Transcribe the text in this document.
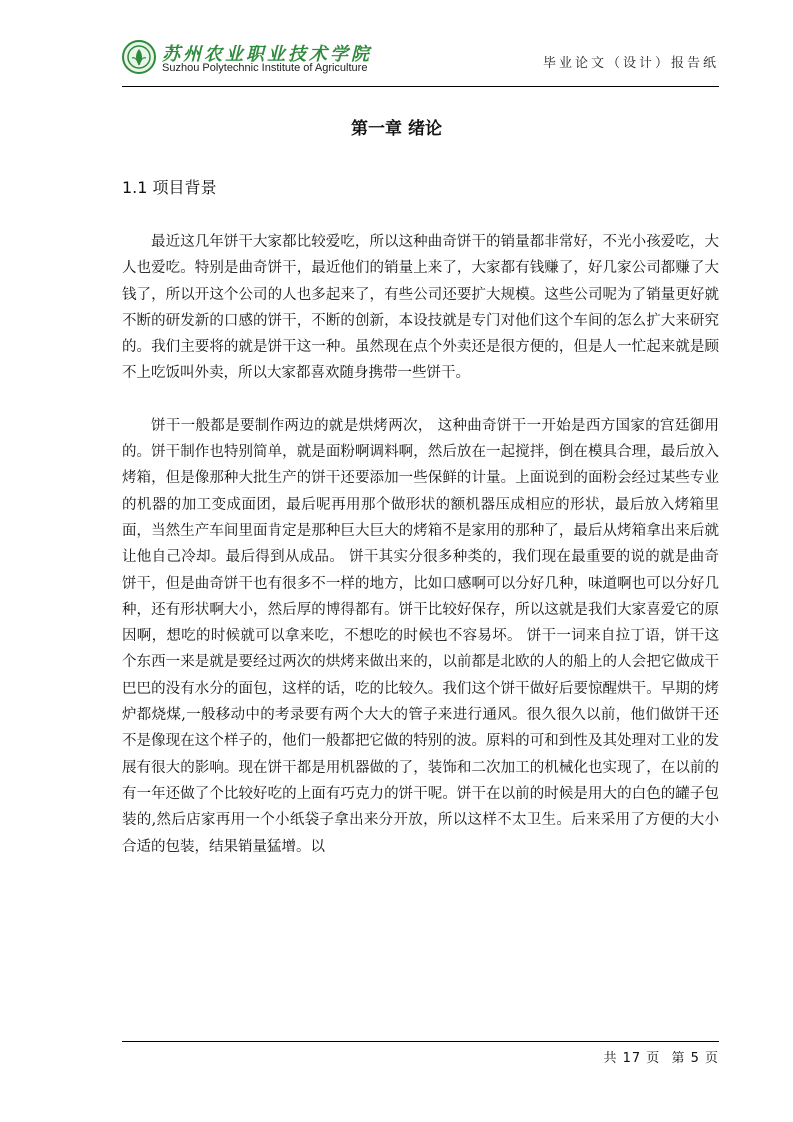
苏州农业职业技术学院
Suzhou Polytechnic Institute of Agriculture	毕业论文（设计）报告纸
第一章 绪论
1.1 项目背景

最近这几年饼干大家都比较爱吃，所以这种曲奇饼干的销量都非常好，不光小孩爱吃，大人也爱吃。特别是曲奇饼干，最近他们的销量上来了，大家都有钱赚了，好几家公司都赚了大钱了，所以开这个公司的人也多起来了，有些公司还要扩大规模。这些公司呢为了销量更好就不断的研发新的口感的饼干，不断的创新，本设技就是专门对他们这个车间的怎么扩大来研究的。我们主要将的就是饼干这一种。虽然现在点个外卖还是很方便的，但是人一忙起来就是顾不上吃饭叫外卖，所以大家都喜欢随身携带一些饼干。

饼干一般都是要制作两边的就是烘烤两次， 这种曲奇饼干一开始是西方国家的宫廷御用的。饼干制作也特别简单，就是面粉啊调料啊，然后放在一起搅拌，倒在模具合理，最后放入烤箱，但是像那种大批生产的饼干还要添加一些保鲜的计量。上面说到的面粉会经过某些专业的机器的加工变成面团，最后呢再用那个做形状的额机器压成相应的形状，最后放入烤箱里面，当然生产车间里面肯定是那种巨大巨大的烤箱不是家用的那种了，最后从烤箱拿出来后就让他自己冷却。最后得到从成品。 饼干其实分很多种类的，我们现在最重要的说的就是曲奇饼干，但是曲奇饼干也有很多不一样的地方，比如口感啊可以分好几种，味道啊也可以分好几种，还有形状啊大小，然后厚的博得都有。饼干比较好保存，所以这就是我们大家喜爱它的原因啊，想吃的时候就可以拿来吃，不想吃的时候也不容易坏。 饼干一词来自拉丁语，饼干这个东西一来是就是要经过两次的烘烤来做出来的，以前都是北欧的人的船上的人会把它做成干巴巴的没有水分的面包，这样的话，吃的比较久。我们这个饼干做好后要惊醒烘干。早期的烤炉都烧煤,一般移动中的考录要有两个大大的管子来进行通风。很久很久以前，他们做饼干还不是像现在这个样子的，他们一般都把它做的特别的波。原料的可和到性及其处理对工业的发展有很大的影响。现在饼干都是用机器做的了，装饰和二次加工的机械化也实现了，在以前的有一年还做了个比较好吃的上面有巧克力的饼干呢。饼干在以前的时候是用大的白色的罐子包装的,然后店家再用一个小纸袋子拿出来分开放，所以这样不太卫生。后来采用了方便的大小合适的包装，结果销量猛增。以

共 17 页 第 5 页
